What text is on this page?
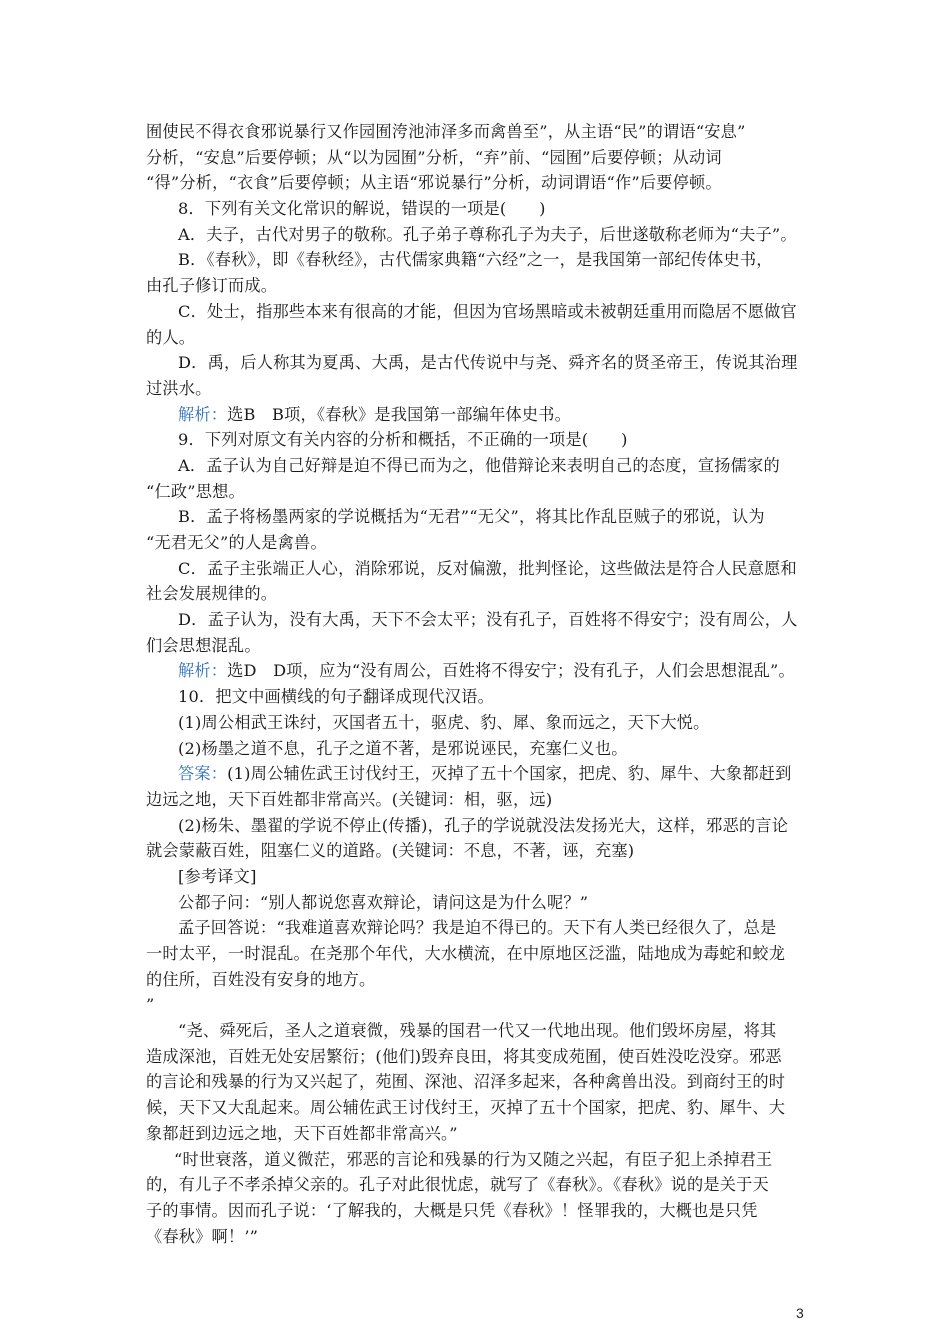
囿使民不得衣食邪说暴行又作园囿洿池沛泽多而禽兽至”，从主语“民”的谓语“安息”
分析，“安息”后要停顿；从“以为园囿”分析，“弃”前、“园囿”后要停顿；从动词
“得”分析，“衣食”后要停顿；从主语“邪说暴行”分析，动词谓语“作”后要停顿。
8．下列有关文化常识的解说，错误的一项是(　　)
A．夫子，古代对男子的敬称。孔子弟子尊称孔子为夫子，后世遂敬称老师为“夫子”。
B．《春秋》，即《春秋经》，古代儒家典籍“六经”之一，是我国第一部纪传体史书，
由孔子修订而成。
C．处士，指那些本来有很高的才能，但因为官场黑暗或未被朝廷重用而隐居不愿做官
的人。
D．禹，后人称其为夏禹、大禹，是古代传说中与尧、舜齐名的贤圣帝王，传说其治理
过洪水。
解析：选B　B项，《春秋》是我国第一部编年体史书。
9．下列对原文有关内容的分析和概括，不正确的一项是(　　)
A．孟子认为自己好辩是迫不得已而为之，他借辩论来表明自己的态度，宣扬儒家的
“仁政”思想。
B．孟子将杨墨两家的学说概括为“无君”“无父”，将其比作乱臣贼子的邪说，认为
“无君无父”的人是禽兽。
C．孟子主张端正人心，消除邪说，反对偏激，批判怪论，这些做法是符合人民意愿和
社会发展规律的。
D．孟子认为，没有大禹，天下不会太平；没有孔子，百姓将不得安宁；没有周公，人
们会思想混乱。
解析：选D　D项，应为“没有周公，百姓将不得安宁；没有孔子，人们会思想混乱”。
10．把文中画横线的句子翻译成现代汉语。
(1)周公相武王诛纣，灭国者五十，驱虎、豹、犀、象而远之，天下大悦。
(2)杨墨之道不息，孔子之道不著，是邪说诬民，充塞仁义也。
答案：(1)周公辅佐武王讨伐纣王，灭掉了五十个国家，把虎、豹、犀牛、大象都赶到
边远之地，天下百姓都非常高兴。(关键词：相，驱，远)
(2)杨朱、墨翟的学说不停止(传播)，孔子的学说就没法发扬光大，这样，邪恶的言论
就会蒙蔽百姓，阻塞仁义的道路。(关键词：不息，不著，诬，充塞)
[参考译文]
公都子问：“别人都说您喜欢辩论，请问这是为什么呢？”
孟子回答说：“我难道喜欢辩论吗？我是迫不得已的。天下有人类已经很久了，总是
一时太平，一时混乱。在尧那个年代，大水横流，在中原地区泛滥，陆地成为毒蛇和蛟龙
的住所，百姓没有安身的地方。
”
“尧、舜死后，圣人之道衰微，残暴的国君一代又一代地出现。他们毁坏房屋，将其
造成深池，百姓无处安居繁衍；(他们)毁弃良田，将其变成苑囿，使百姓没吃没穿。邪恶
的言论和残暴的行为又兴起了，苑囿、深池、沼泽多起来，各种禽兽出没。到商纣王的时
候，天下又大乱起来。周公辅佐武王讨伐纣王，灭掉了五十个国家，把虎、豹、犀牛、大
象都赶到边远之地，天下百姓都非常高兴。”
“时世衰落，道义微茫，邪恶的言论和残暴的行为又随之兴起，有臣子犯上杀掉君王
的，有儿子不孝杀掉父亲的。孔子对此很忧虑，就写了《春秋》。《春秋》说的是关于天
子的事情。因而孔子说：‘了解我的，大概是只凭《春秋》！怪罪我的，大概也是只凭
《春秋》啊！’”
3
